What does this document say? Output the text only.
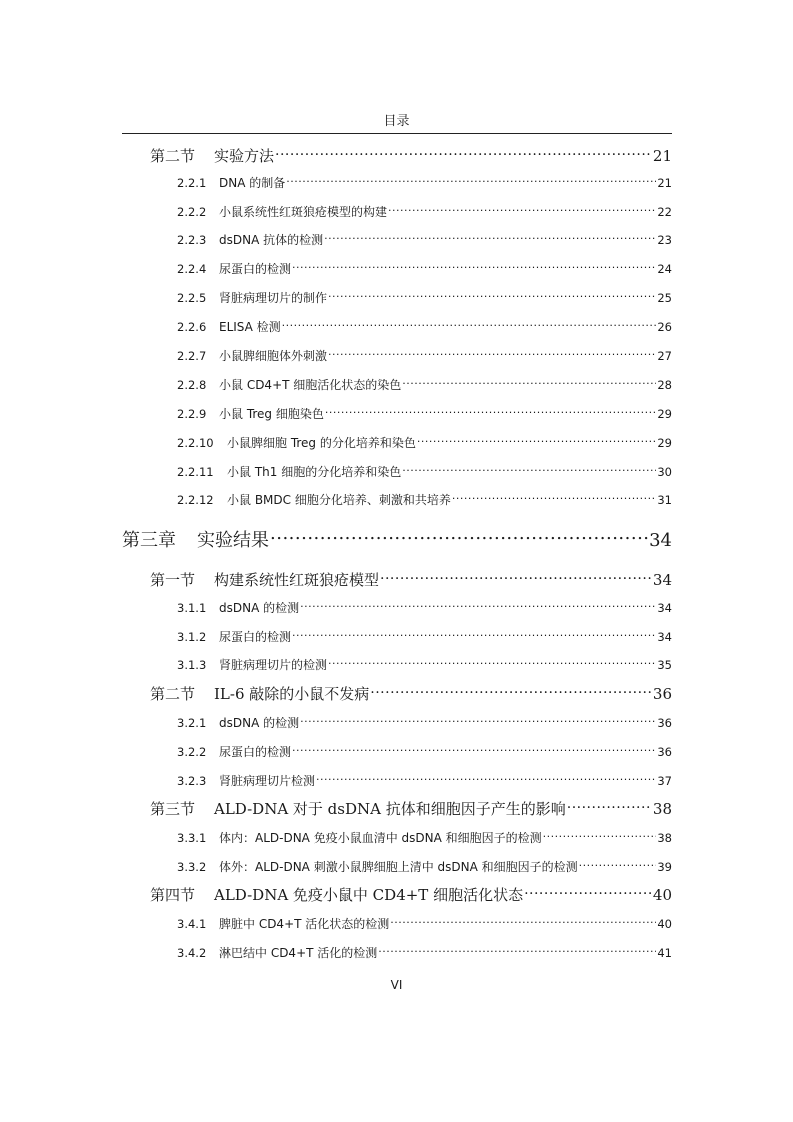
目录
第二节	实验方法 .....	21
2.2.1	DNA 的制备 .....	21
2.2.2	小鼠系统性红斑狼疮模型的构建 .....	22
2.2.3	dsDNA 抗体的检测 .....	23
2.2.4	尿蛋白的检测 .....	24
2.2.5	肾脏病理切片的制作 .....	25
2.2.6	ELISA 检测 .....	26
2.2.7	小鼠脾细胞体外刺激 .....	27
2.2.8	小鼠 CD4+T 细胞活化状态的染色 .....	28
2.2.9	小鼠 Treg 细胞染色 .....	29
2.2.10	小鼠脾细胞 Treg 的分化培养和染色 .....	29
2.2.11	小鼠 Th1 细胞的分化培养和染色 .....	30
2.2.12	小鼠 BMDC 细胞分化培养、刺激和共培养 .....	31
第三章	实验结果 .....	34
第一节	构建系统性红斑狼疮模型 .....	34
3.1.1	dsDNA 的检测 .....	34
3.1.2	尿蛋白的检测 .....	34
3.1.3	肾脏病理切片的检测 .....	35
第二节	IL-6 敲除的小鼠不发病 .....	36
3.2.1	dsDNA 的检测 .....	36
3.2.2	尿蛋白的检测 .....	36
3.2.3	肾脏病理切片检测 .....	37
第三节	ALD-DNA 对于 dsDNA 抗体和细胞因子产生的影响 .....	38
3.3.1	体内：ALD-DNA 免疫小鼠血清中 dsDNA 和细胞因子的检测 .....	38
3.3.2	体外：ALD-DNA 刺激小鼠脾细胞上清中 dsDNA 和细胞因子的检测 .....	39
第四节	ALD-DNA 免疫小鼠中 CD4+T 细胞活化状态 .....	40
3.4.1	脾脏中 CD4+T 活化状态的检测 .....	40
3.4.2	淋巴结中 CD4+T 活化的检测 .....	41
VI
